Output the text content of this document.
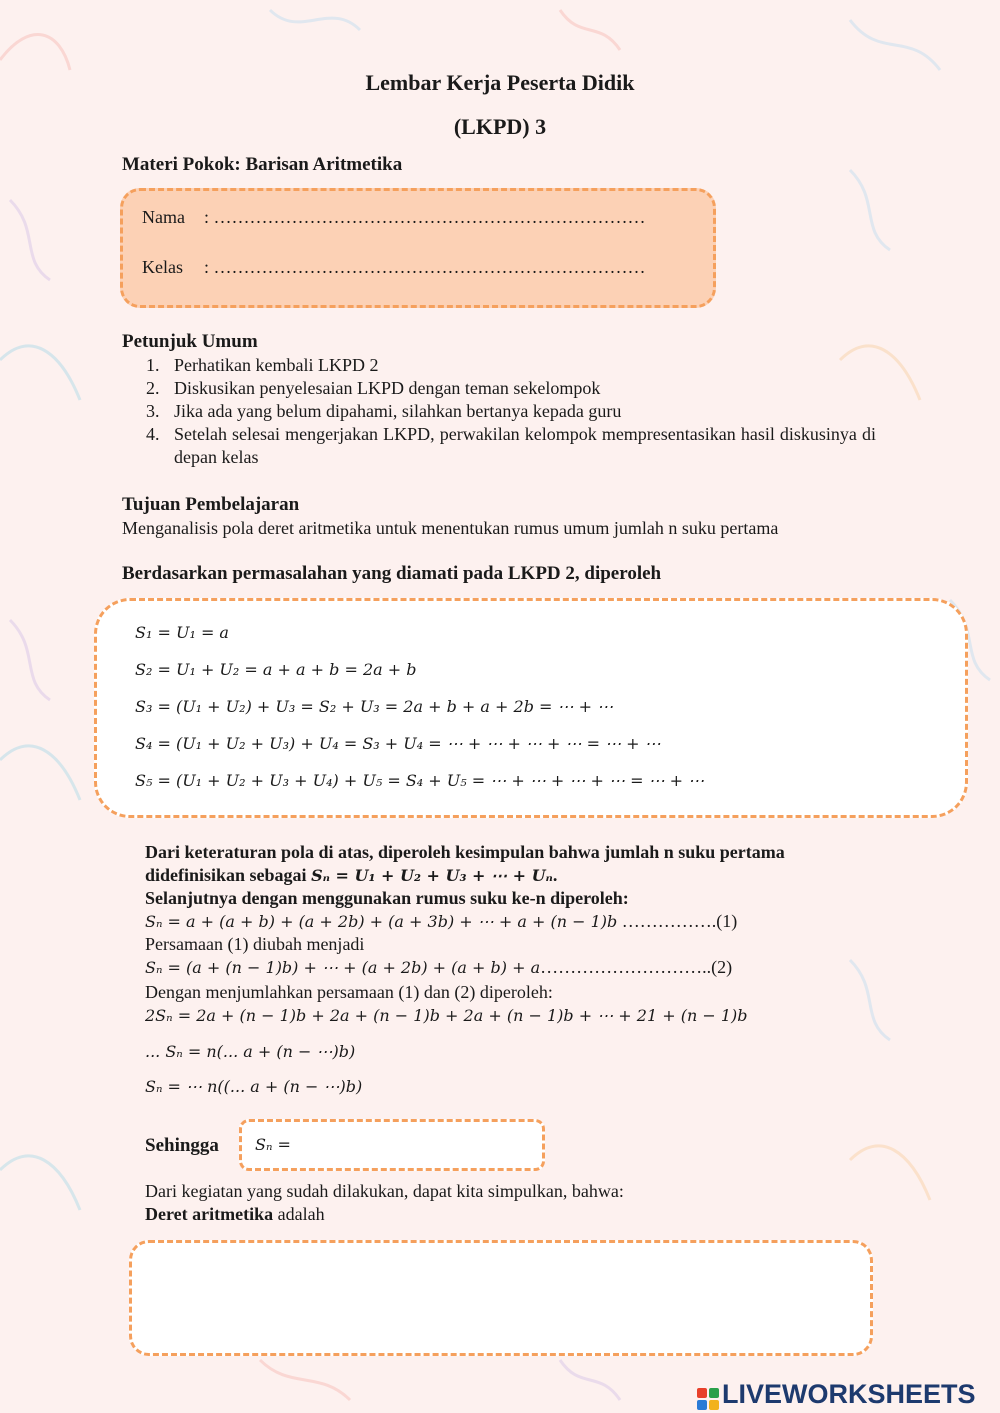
Lembar Kerja Peserta Didik
(LKPD) 3
Materi Pokok: Barisan Aritmetika
Nama : ………………………………………………………………
Kelas : ………………………………………………………………
Petunjuk Umum
1. Perhatikan kembali LKPD 2
2. Diskusikan penyelesaian LKPD dengan teman sekelompok
3. Jika ada yang belum dipahami, silahkan bertanya kepada guru
4. Setelah selesai mengerjakan LKPD, perwakilan kelompok mempresentasikan hasil diskusinya di depan kelas
Tujuan Pembelajaran
Menganalisis pola deret aritmetika untuk menentukan rumus umum jumlah n suku pertama
Berdasarkan permasalahan yang diamati pada LKPD 2, diperoleh
S₁ = U₁ = a
S₂ = U₁ + U₂ = a + a + b = 2a + b
S₃ = (U₁ + U₂) + U₃ = S₂ + U₃ = 2a + b + a + 2b = ⋯ + ⋯
S₄ = (U₁ + U₂ + U₃) + U₄ = S₃ + U₄ = ⋯ + ⋯ + ⋯ + ⋯ = ⋯ + ⋯
S₅ = (U₁ + U₂ + U₃ + U₄) + U₅ = S₄ + U₅ = ⋯ + ⋯ + ⋯ + ⋯ = ⋯ + ⋯
Dari keteraturan pola di atas, diperoleh kesimpulan bahwa jumlah n suku pertama
didefinisikan sebagai Sₙ = U₁ + U₂ + U₃ + ⋯ + Uₙ.
Selanjutnya dengan menggunakan rumus suku ke-n diperoleh:
Sₙ = a + (a + b) + (a + 2b) + (a + 3b) + ⋯ + a + (n − 1)b …………….(1)
Persamaan (1) diubah menjadi
Sₙ = (a + (n − 1)b) + ⋯ + (a + 2b) + (a + b) + a………………………..(2)
Dengan menjumlahkan persamaan (1) dan (2) diperoleh:
2Sₙ = 2a + (n − 1)b + 2a + (n − 1)b + 2a + (n − 1)b + ⋯ + 21 + (n − 1)b
... Sₙ = n(... a + (n − ⋯)b)
Sₙ = ⋯ n((... a + (n − ⋯)b)
Sehingga Sₙ =
Dari kegiatan yang sudah dilakukan, dapat kita simpulkan, bahwa:
Deret aritmetika adalah
LIVEWORKSHEETS
